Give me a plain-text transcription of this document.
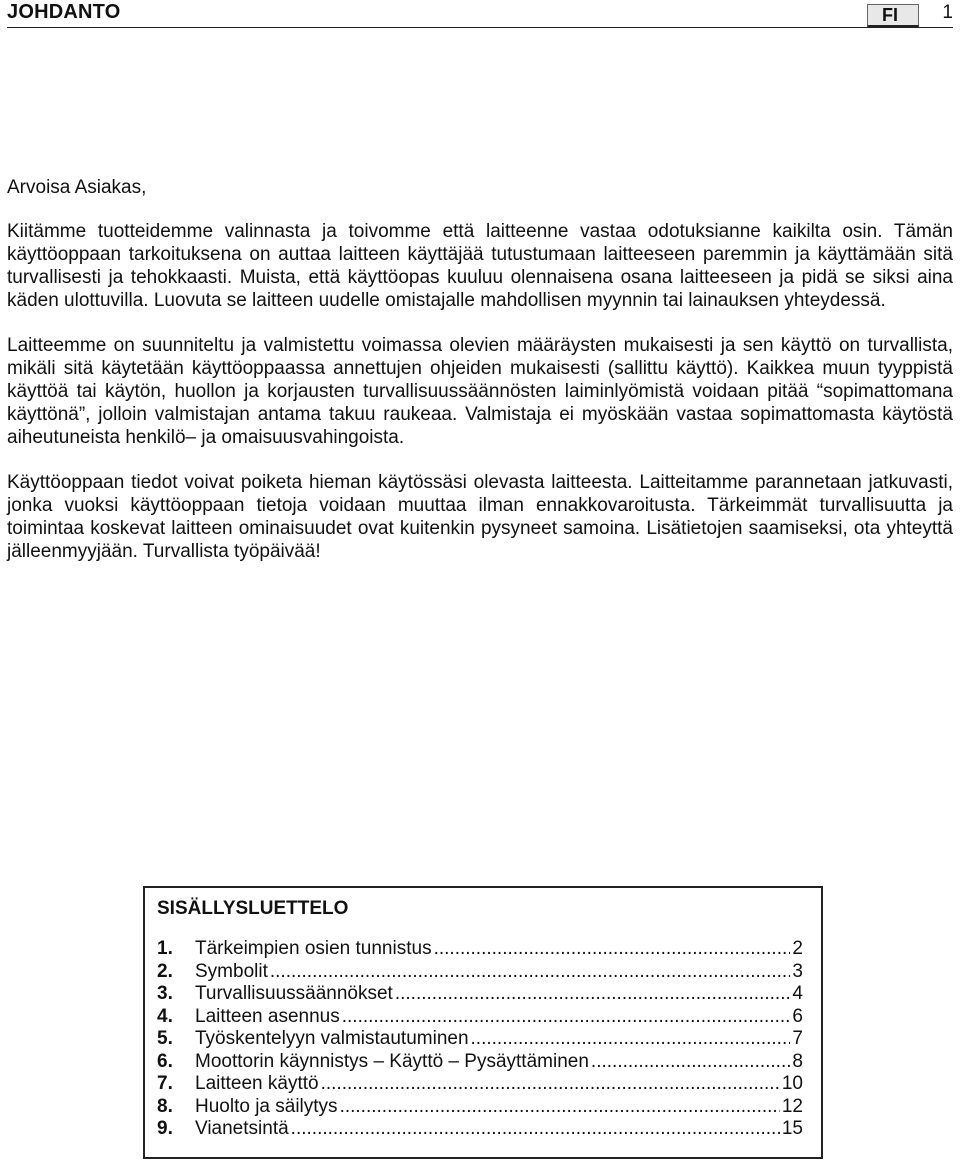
JOHDANTO	FI	1

Arvoisa Asiakas,

Kiitämme tuotteidemme valinnasta ja toivomme että laitteenne vastaa odotuksianne kaikilta osin. Tämän käyttöoppaan tarkoituksena on auttaa laitteen käyttäjää tutustumaan laitteeseen paremmin ja käyttämään sitä turvallisesti ja tehokkaasti. Muista, että käyttöopas kuuluu olennaisena osana laitteeseen ja pidä se siksi aina käden ulottuvilla. Luovuta se laitteen uudelle omistajalle mahdollisen myynnin tai lainauksen yhteydessä.

Laitteemme on suunniteltu ja valmistettu voimassa olevien määräysten mukaisesti ja sen käyttö on turvallista, mikäli sitä käytetään käyttöoppaassa annettujen ohjeiden mukaisesti (sallittu käyttö). Kaikkea muun tyyppistä käyttöä tai käytön, huollon ja korjausten turvallisuussäännösten laiminlyömistä voidaan pitää “sopimattomana käyttönä”, jolloin valmistajan antama takuu raukeaa. Valmistaja ei myöskään vastaa sopimattomasta käytöstä aiheutuneista henkilö– ja omaisuusvahingoista.

Käyttöoppaan tiedot voivat poiketa hieman käytössäsi olevasta laitteesta. Laitteitamme parannetaan jatkuvasti, jonka vuoksi käyttöoppaan tietoja voidaan muuttaa ilman ennakkovaroitusta. Tärkeimmät turvallisuutta ja toimintaa koskevat laitteen ominaisuudet ovat kuitenkin pysyneet samoina. Lisätietojen saamiseksi, ota yhteyttä jälleenmyyjään. Turvallista työpäivää!

SISÄLLYSLUETTELO
1.	Tärkeimpien osien tunnistus .....	2
2.	Symbolit .....	3
3.	Turvallisuussäännökset .....	4
4.	Laitteen asennus .....	6
5.	Työskentelyyn valmistautuminen .....	7
6.	Moottorin käynnistys – Käyttö – Pysäyttäminen .....	8
7.	Laitteen käyttö .....	10
8.	Huolto ja säilytys .....	12
9.	Vianetsintä .....	15
